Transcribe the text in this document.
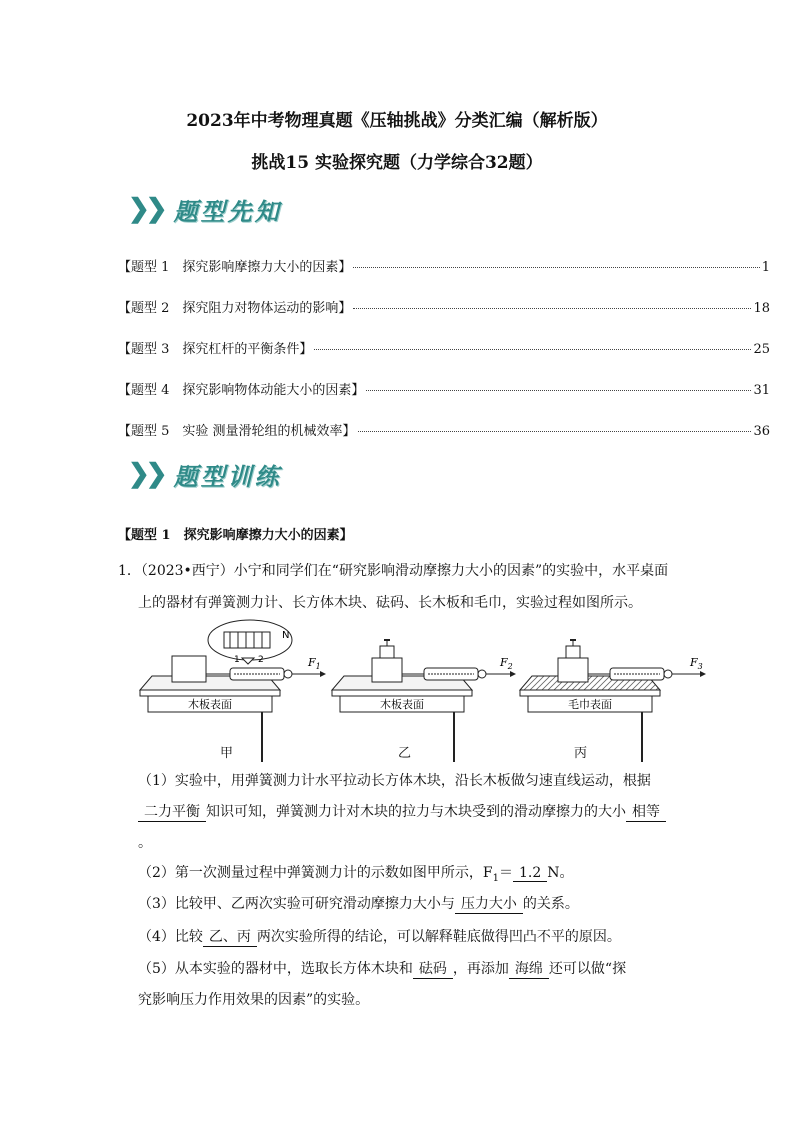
2023年中考物理真题《压轴挑战》分类汇编（解析版）
挑战15 实验探究题（力学综合32题）
❯❯ 题型先知
【题型 1　探究影响摩擦力大小的因素】	1
【题型 2　探究阻力对物体运动的影响】	18
【题型 3　探究杠杆的平衡条件】	25
【题型 4　探究影响物体动能大小的因素】	31
【题型 5　实验 测量滑轮组的机械效率】	36
❯❯ 题型训练
【题型 1　探究影响摩擦力大小的因素】
1．（2023•西宁）小宁和同学们在“研究影响滑动摩擦力大小的因素”的实验中，水平桌面
上的器材有弹簧测力计、长方体木块、砝码、长木板和毛巾，实验过程如图所示。
N
1 2	$F_1$	$F_2$	$F_3$
木板表面	木板表面	毛巾表面
甲	乙	丙
（1）实验中，用弹簧测力计水平拉动长方体木块，沿长木板做匀速直线运动，根据
二力平衡 知识可知，弹簧测力计对木块的拉力与木块受到的滑动摩擦力的大小 相等
。
（2）第一次测量过程中弹簧测力计的示数如图甲所示，$F_1= 1.2$ N。
（3）比较甲、乙两次实验可研究滑动摩擦力大小与 压力大小 的关系。
（4）比较 乙、丙 两次实验所得的结论，可以解释鞋底做得凹凸不平的原因。
（5）从本实验的器材中，选取长方体木块和 砝码 ，再添加 海绵 还可以做“探
究影响压力作用效果的因素”的实验。
